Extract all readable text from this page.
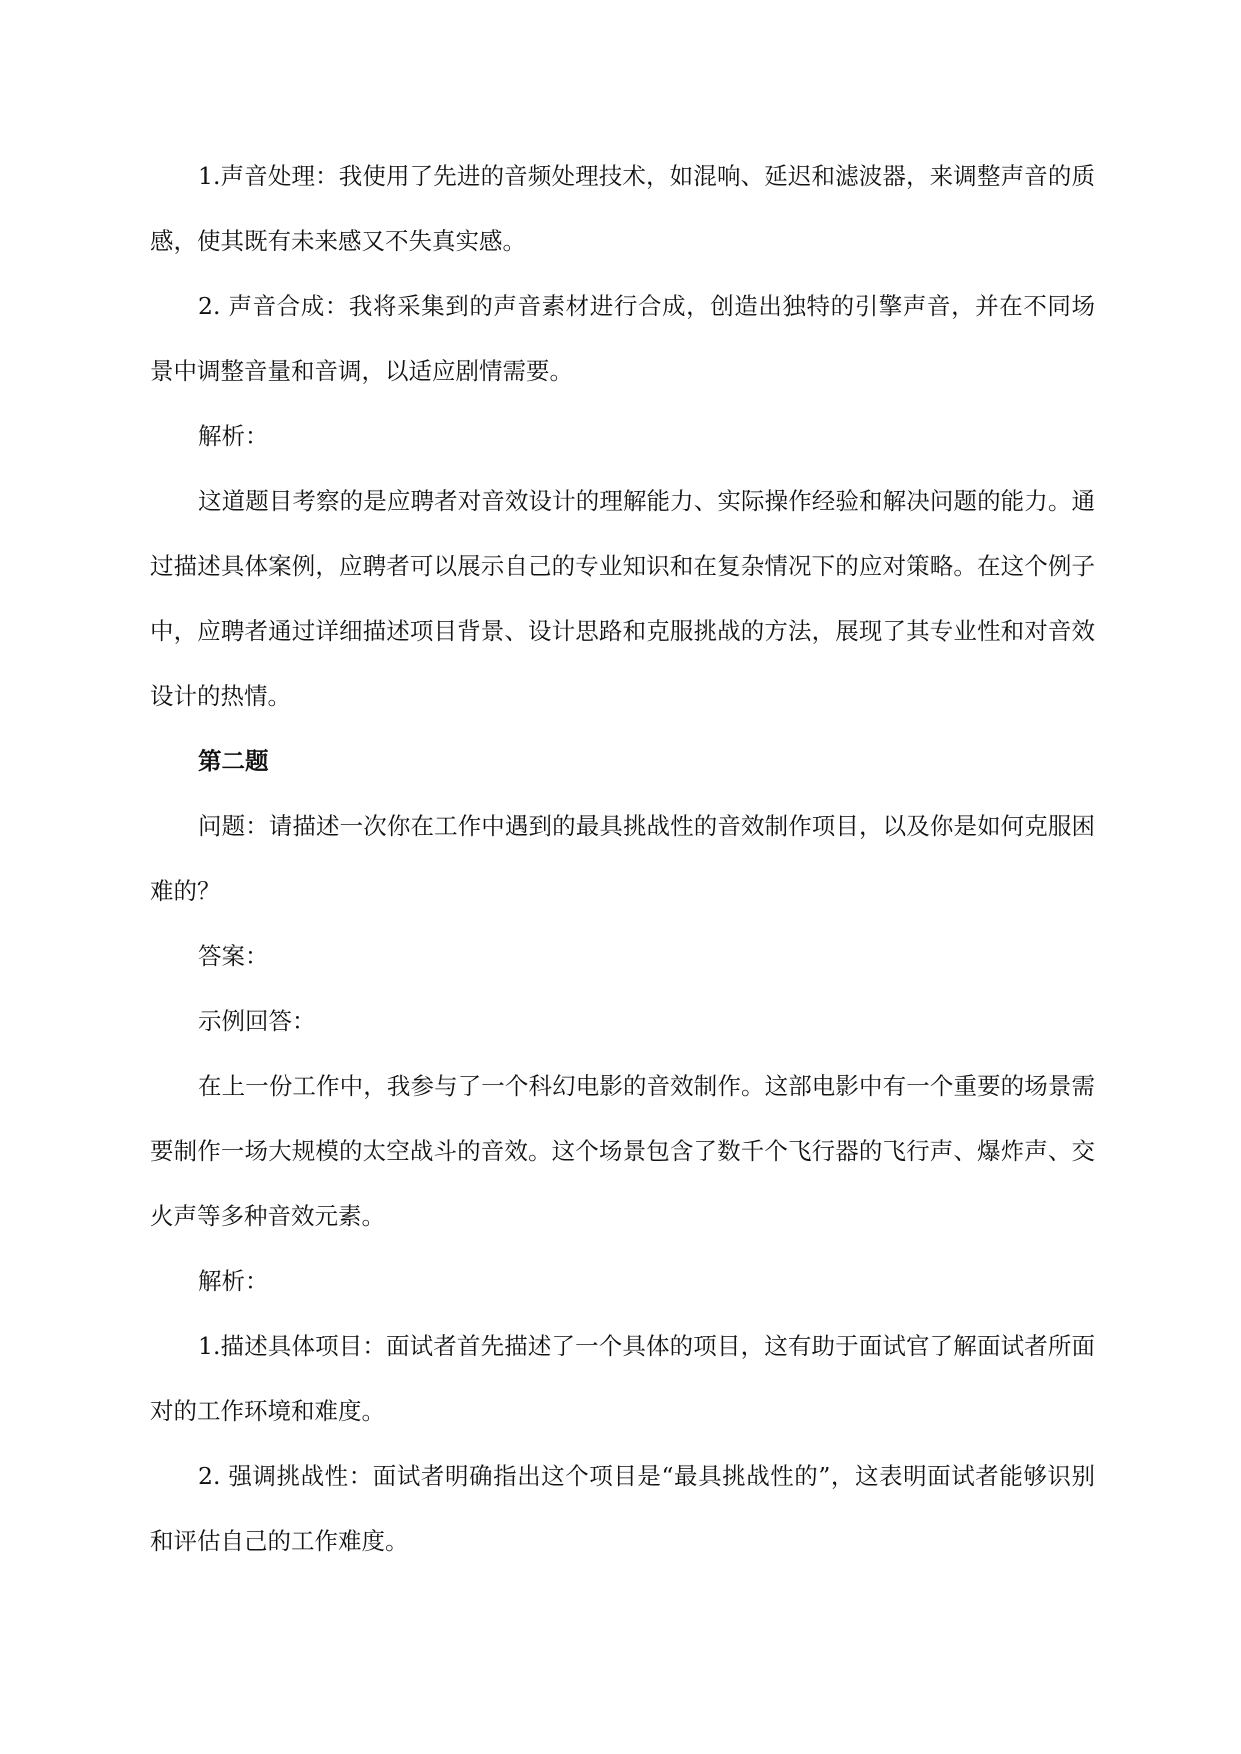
1.声音处理：我使用了先进的音频处理技术，如混响、延迟和滤波器，来调整声音的质感，使其既有未来感又不失真实感。

2. 声音合成：我将采集到的声音素材进行合成，创造出独特的引擎声音，并在不同场景中调整音量和音调，以适应剧情需要。

解析：

这道题目考察的是应聘者对音效设计的理解能力、实际操作经验和解决问题的能力。通过描述具体案例，应聘者可以展示自己的专业知识和在复杂情况下的应对策略。在这个例子中，应聘者通过详细描述项目背景、设计思路和克服挑战的方法，展现了其专业性和对音效设计的热情。

第二题

问题：请描述一次你在工作中遇到的最具挑战性的音效制作项目，以及你是如何克服困难的？

答案：

示例回答：

在上一份工作中，我参与了一个科幻电影的音效制作。这部电影中有一个重要的场景需要制作一场大规模的太空战斗的音效。这个场景包含了数千个飞行器的飞行声、爆炸声、交火声等多种音效元素。

解析：

1.描述具体项目：面试者首先描述了一个具体的项目，这有助于面试官了解面试者所面对的工作环境和难度。

2. 强调挑战性：面试者明确指出这个项目是“最具挑战性的”，这表明面试者能够识别和评估自己的工作难度。
